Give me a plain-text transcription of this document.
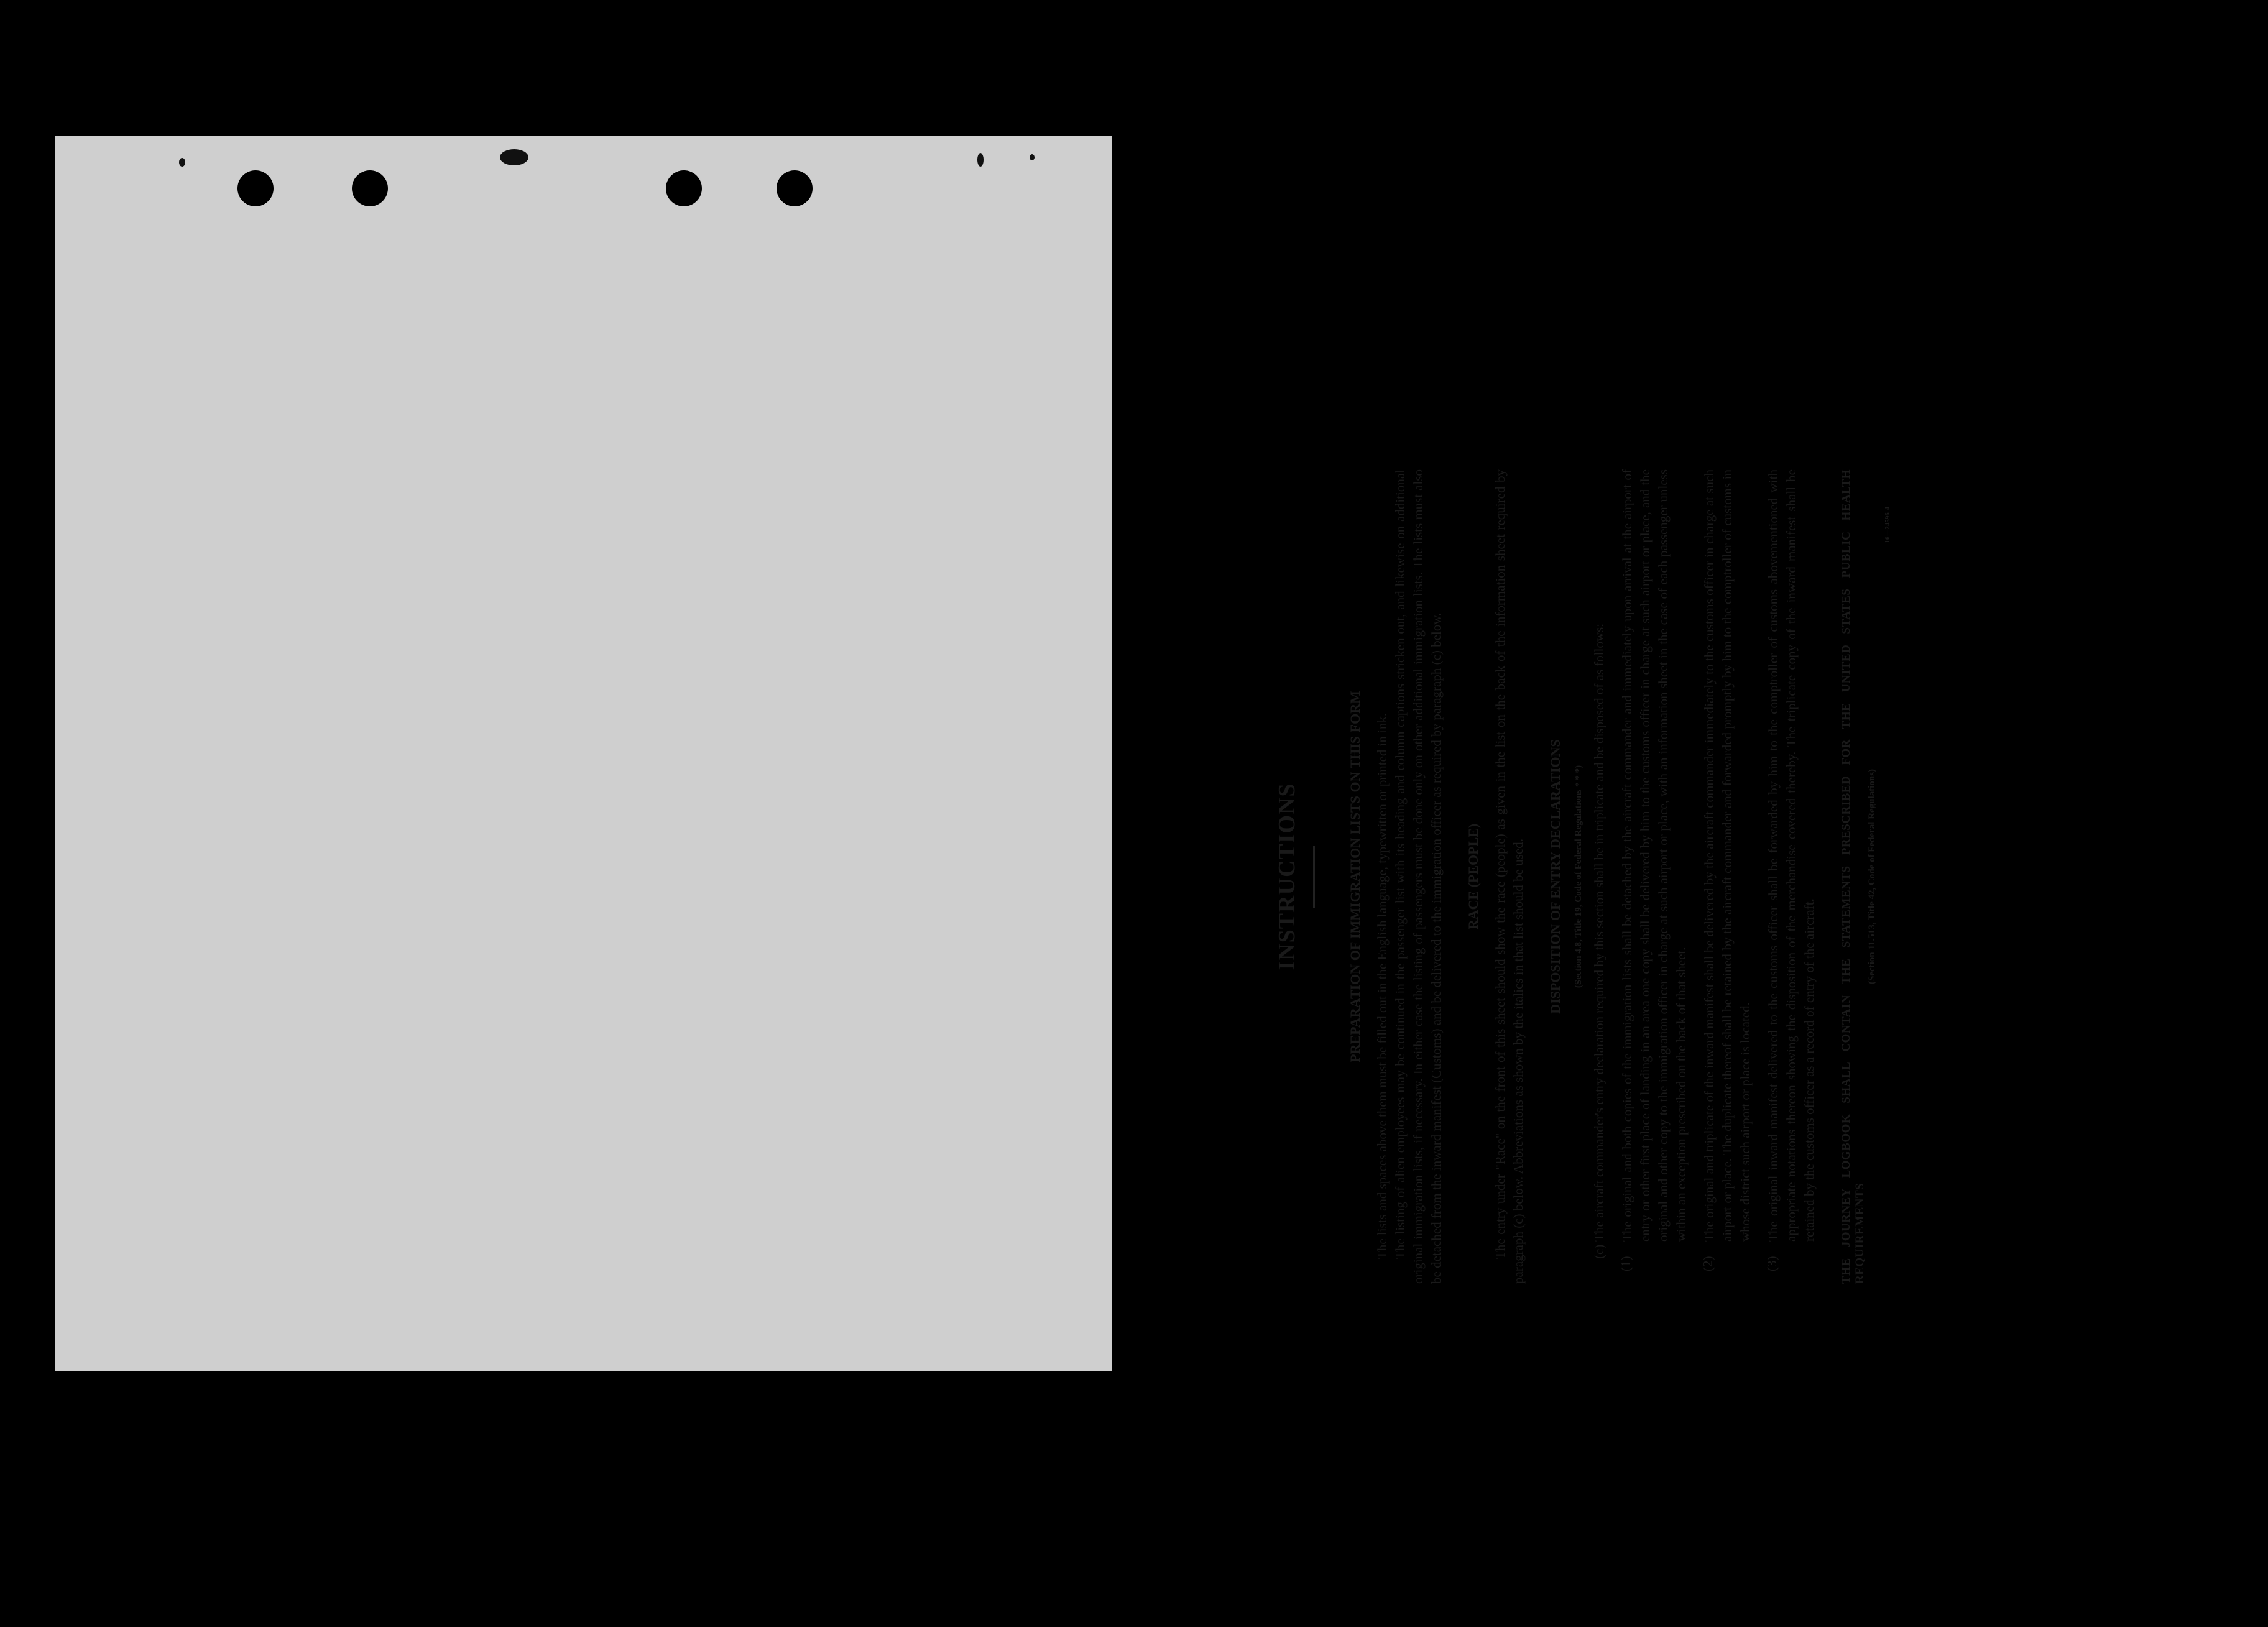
INSTRUCTIONS	PREPARATION OF IMMIGRATION LISTS ON THIS FORM The lists and spaces above them must be filled out in the English language, typewritten or printed in ink. The listing of alien employees may be continued in the passenger list with its heading and column captions stricken out, and likewise on additional original immigration lists, if necessary. In either case the listing of passengers must be done only on other additional immigration lists. The lists must also be detached from the inward manifest (Customs) and be delivered to the immigration officer as required by paragraph (c) below. RACE (PEOPLE) The entry under "Race" on the front of this sheet should show the race (people) as given in the list on the back of the information sheet required by paragraph (c) below. Abbreviations as shown by the italics in that list should be used. DISPOSITION OF ENTRY DECLARATIONS (Section 4.8, Title 19, Code of Federal Regulations * * *) (c) The aircraft commander's entry declaration required by this section shall be in triplicate and be disposed of as follows:

(1)

The original and both copies of the immigration lists shall be detached by the aircraft commander and immediately upon arrival at the airport of entry or other first place of landing in an area one copy shall be delivered by him to the customs officer in charge at such airport or place, and the original and other copy to the immigration officer in charge at such airport or place, with an information sheet in the case of each passenger unless within an exception prescribed on the back of that sheet.

(2)

The original and triplicate of the inward manifest shall be delivered by the aircraft commander immediately to the customs officer in charge at such airport or place. The duplicate thereof shall be retained by the aircraft commander and forwarded promptly by him to the comptroller of customs in whose district such airport or place is located.

(3)

The original inward manifest delivered to the customs officer shall be forwarded by him to the comptroller of customs abovementioned with appropriate notations thereon showing the disposition of the merchandise covered thereby. The triplicate copy of the inward manifest shall be retained by the customs officer as a record of entry of the aircraft. THE JOURNEY LOGBOOK SHALL CONTAIN THE STATEMENTS PRESCRIBED FOR THE UNITED STATES PUBLIC HEALTH REQUIREMENTS
(Section 11.513, Title 42, Code of Federal Regulations)
16—24596-4
